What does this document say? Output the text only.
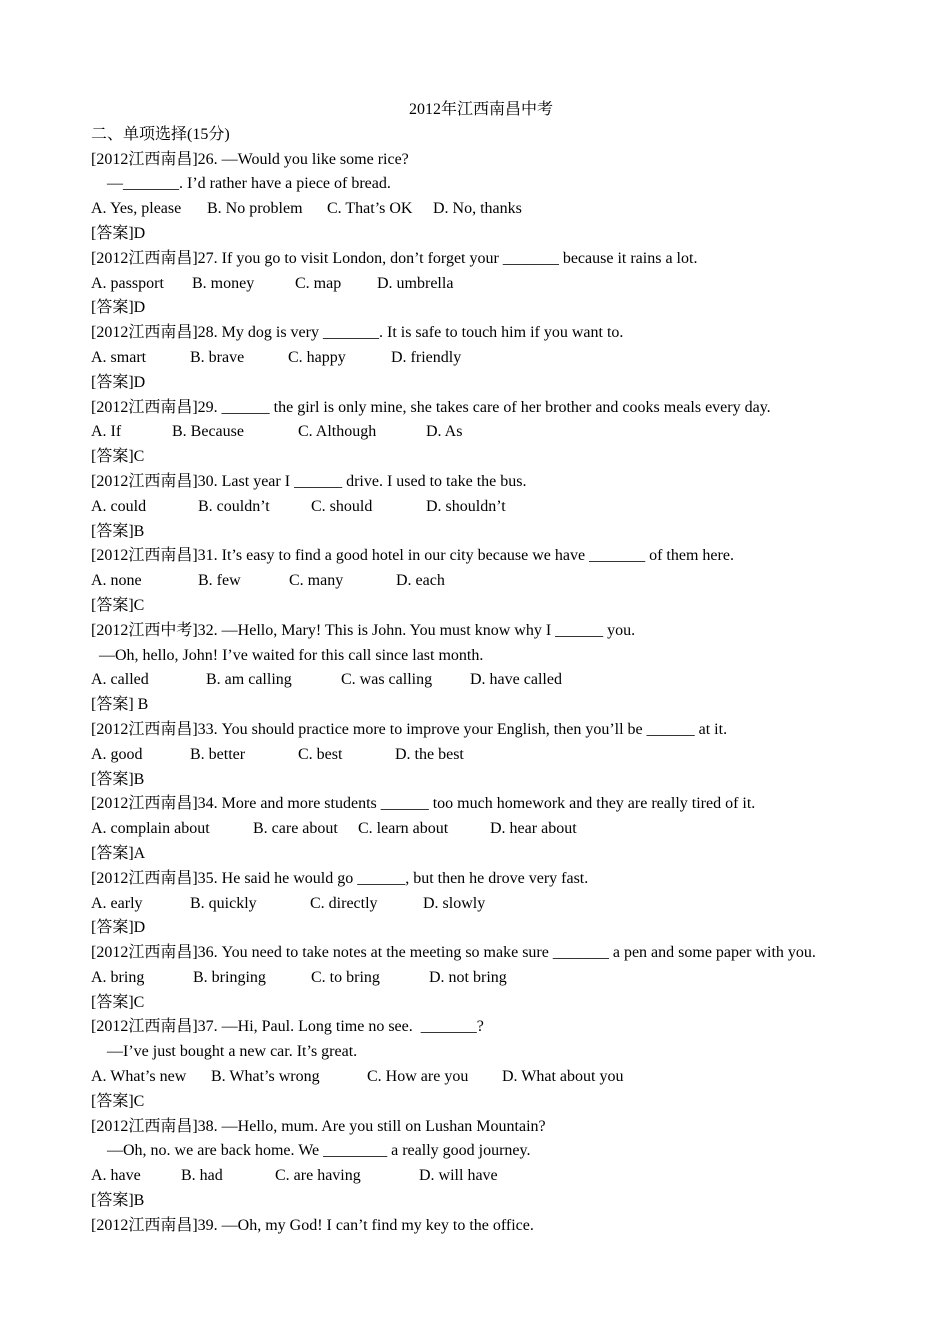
2012年江西南昌中考
二、单项选择(15分)
[2012江西南昌]26. —Would you like some rice?
—_______. I’d rather have a piece of bread.
A. Yes, please	B. No problem	C. That’s OK	D. No, thanks
[答案]D
[2012江西南昌]27. If you go to visit London, don’t forget your _______ because it rains a lot.
A. passport	B. money	C. map	D. umbrella
[答案]D
[2012江西南昌]28. My dog is very _______. It is safe to touch him if you want to.
A. smart	B. brave	C. happy	D. friendly
[答案]D
[2012江西南昌]29. ______ the girl is only mine, she takes care of her brother and cooks meals every day.
A. If	B. Because	C. Although	D. As
[答案]C
[2012江西南昌]30. Last year I ______ drive. I used to take the bus.
A. could	B. couldn’t	C. should	D. shouldn’t
[答案]B
[2012江西南昌]31. It’s easy to find a good hotel in our city because we have _______ of them here.
A. none	B. few	C. many	D. each
[答案]C
[2012江西中考]32. —Hello, Mary! This is John. You must know why I ______ you.
—Oh, hello, John! I’ve waited for this call since last month.
A. called	B. am calling	C. was calling	D. have called
[答案] B
[2012江西南昌]33. You should practice more to improve your English, then you’ll be ______ at it.
A. good	B. better	C. best	D. the best
[答案]B
[2012江西南昌]34. More and more students ______ too much homework and they are really tired of it.
A. complain about	B. care about	C. learn about	D. hear about
[答案]A
[2012江西南昌]35. He said he would go ______, but then he drove very fast.
A. early	B. quickly	C. directly	D. slowly
[答案]D
[2012江西南昌]36. You need to take notes at the meeting so make sure _______ a pen and some paper with you.
A. bring	B. bringing	C. to bring	D. not bring
[答案]C
[2012江西南昌]37. —Hi, Paul. Long time no see.  _______?
—I’ve just bought a new car. It’s great.
A. What’s new	B. What’s wrong	C. How are you	D. What about you
[答案]C
[2012江西南昌]38. —Hello, mum. Are you still on Lushan Mountain?
—Oh, no. we are back home. We ________ a really good journey.
A. have	B. had	C. are having	D. will have
[答案]B
[2012江西南昌]39. —Oh, my God! I can’t find my key to the office.
